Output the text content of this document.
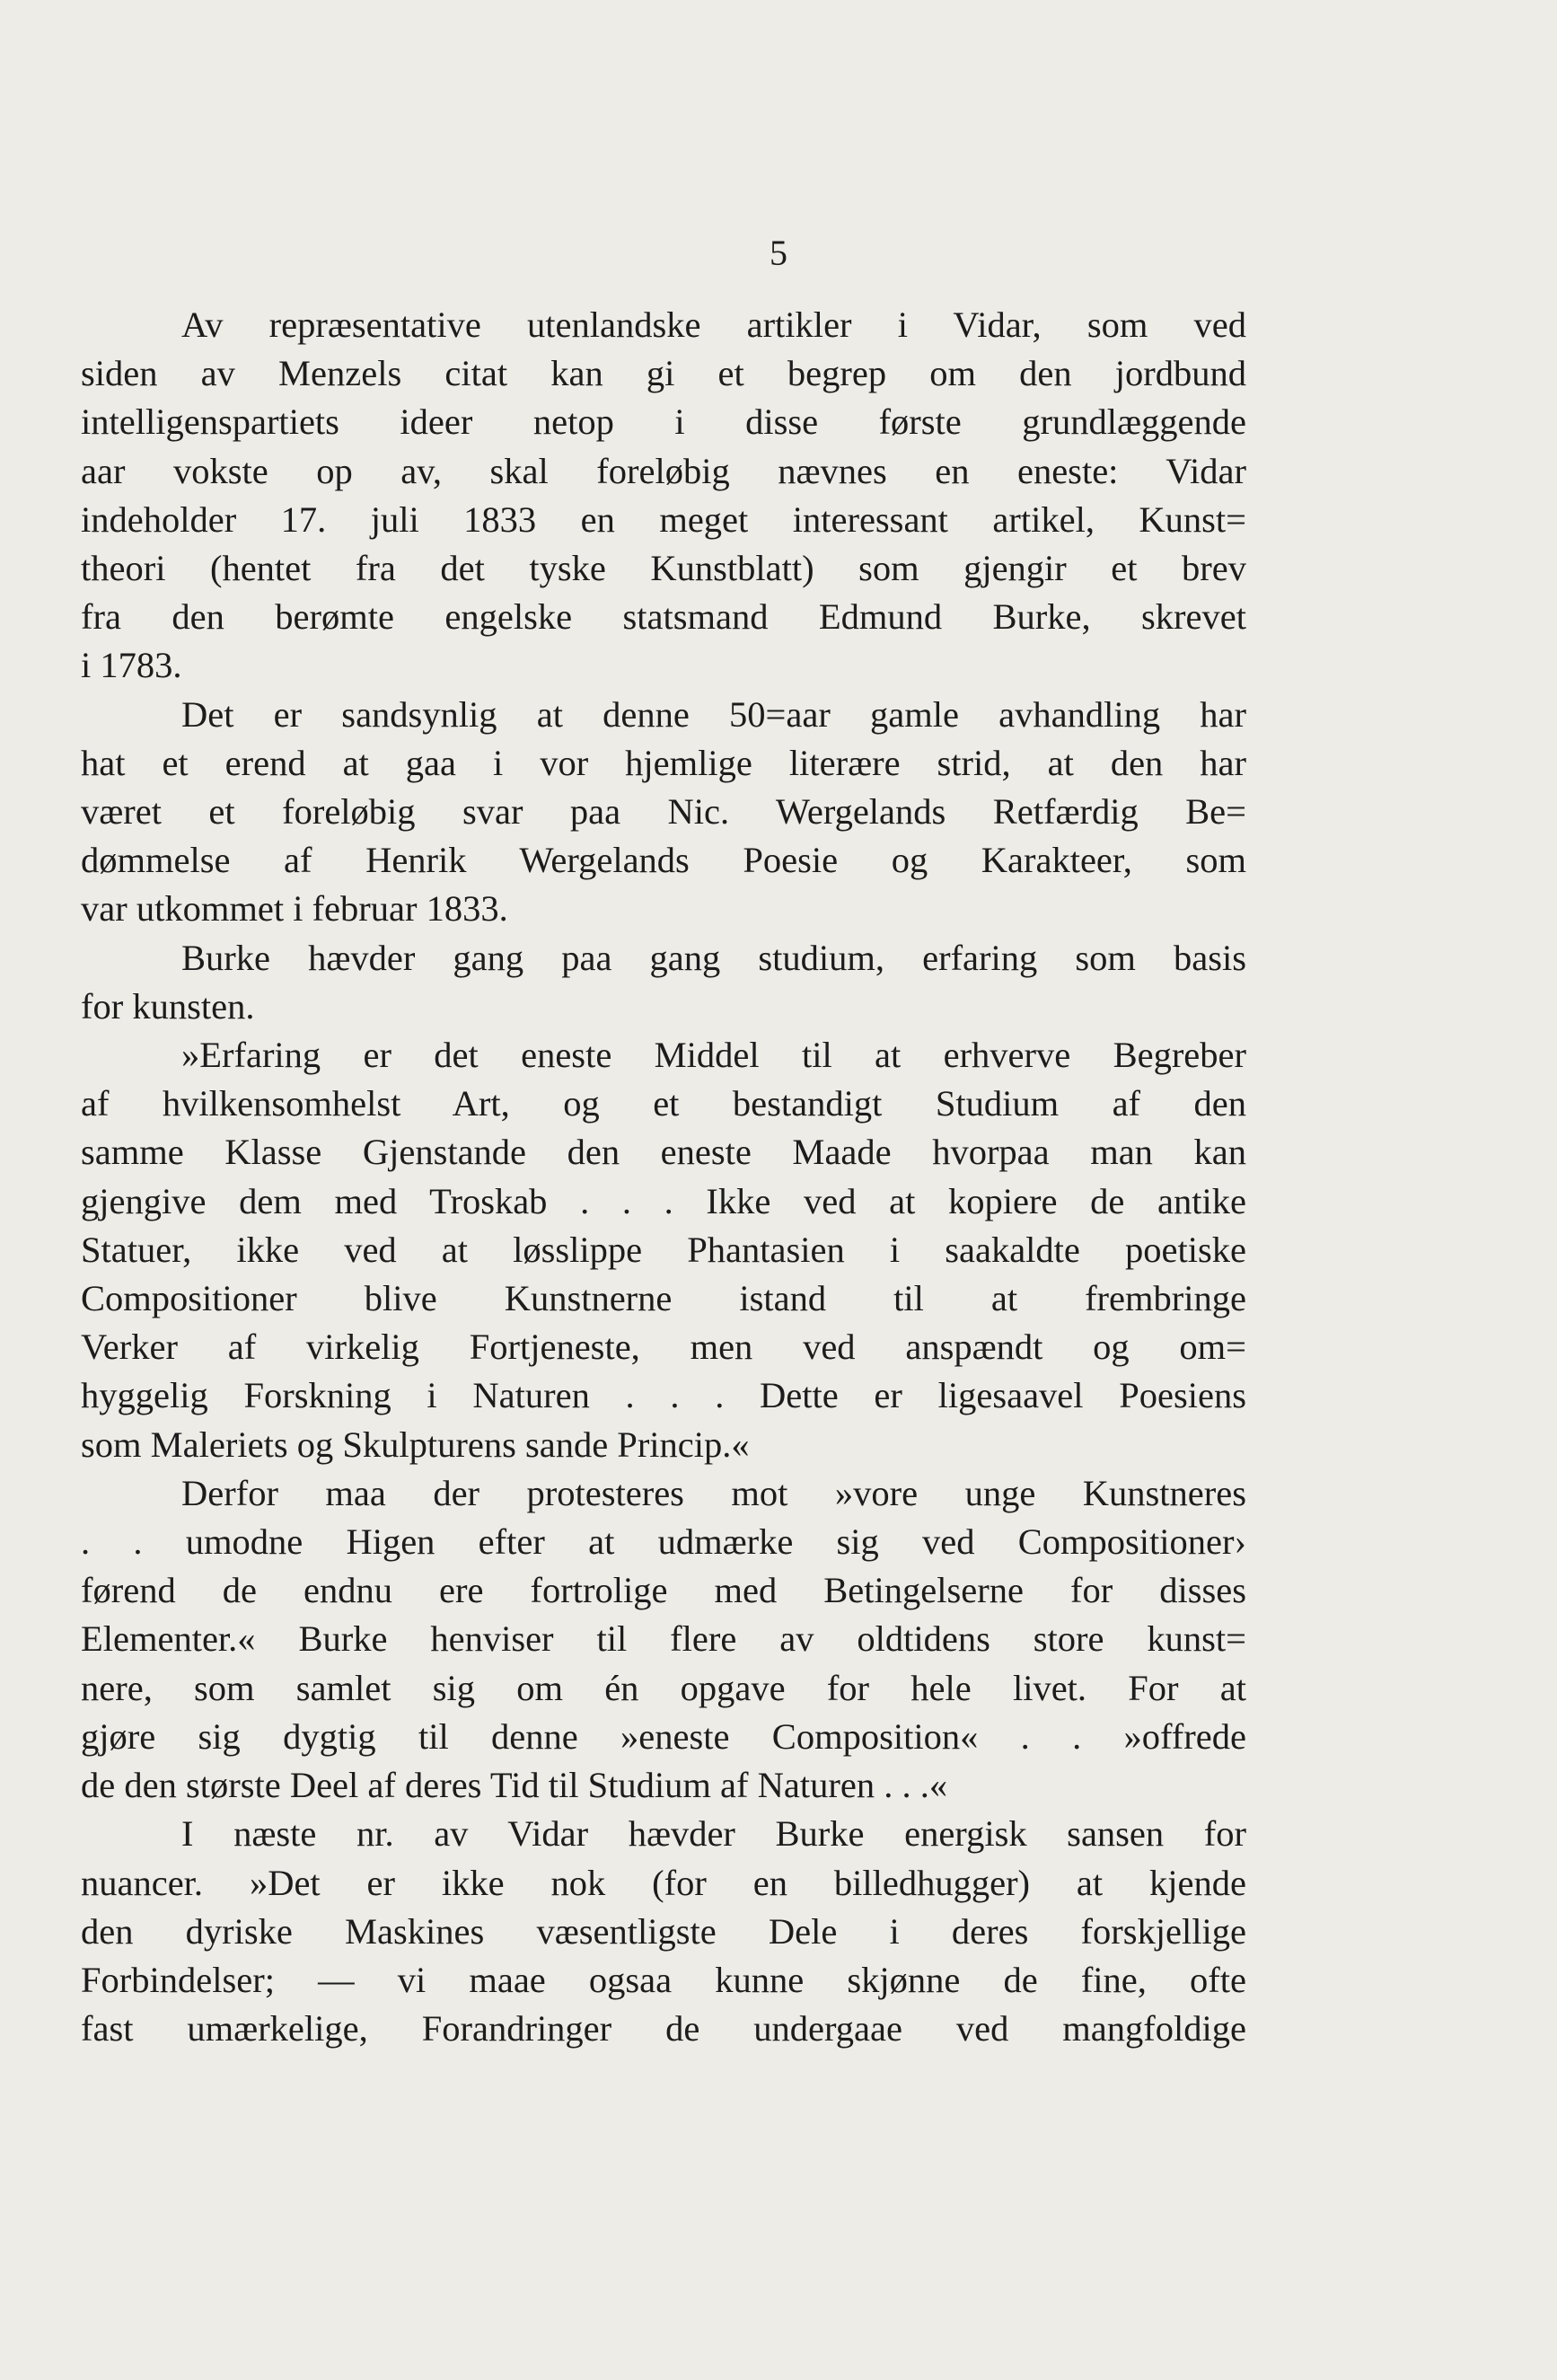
5

Av repræsentative utenlandske artikler i Vidar, som ved
siden av Menzels citat kan gi et begrep om den jordbund
intelligenspartiets ideer netop i disse første grundlæggende
aar vokste op av, skal foreløbig nævnes en eneste: Vidar
indeholder 17. juli 1833 en meget interessant artikel, Kunst=
theori (hentet fra det tyske Kunstblatt) som gjengir et brev
fra den berømte engelske statsmand Edmund Burke, skrevet
i 1783.

Det er sandsynlig at denne 50=aar gamle avhandling har
hat et erend at gaa i vor hjemlige literære strid, at den har
været et foreløbig svar paa Nic. Wergelands Retfærdig Be=
dømmelse af Henrik Wergelands Poesie og Karakteer, som
var utkommet i februar 1833.

Burke hævder gang paa gang studium, erfaring som basis
for kunsten.

»Erfaring er det eneste Middel til at erhverve Begreber
af hvilkensomhelst Art, og et bestandigt Studium af den
samme Klasse Gjenstande den eneste Maade hvorpaa man kan
gjengive dem med Troskab . . . Ikke ved at kopiere de antike
Statuer, ikke ved at løsslippe Phantasien i saakaldte poetiske
Compositioner blive Kunstnerne istand til at frembringe
Verker af virkelig Fortjeneste, men ved anspændt og om=
hyggelig Forskning i Naturen . . . Dette er ligesaavel Poesiens
som Maleriets og Skulpturens sande Princip.«

Derfor maa der protesteres mot »vore unge Kunstneres
. . umodne Higen efter at udmærke sig ved Compositioner›
førend de endnu ere fortrolige med Betingelserne for disses
Elementer.« Burke henviser til flere av oldtidens store kunst=
nere, som samlet sig om én opgave for hele livet. For at
gjøre sig dygtig til denne »eneste Composition« . . »offrede
de den største Deel af deres Tid til Studium af Naturen . . .«

I næste nr. av Vidar hævder Burke energisk sansen for
nuancer. »Det er ikke nok (for en billedhugger) at kjende
den dyriske Maskines væsentligste Dele i deres forskjellige
Forbindelser; — vi maae ogsaa kunne skjønne de fine, ofte
fast umærkelige, Forandringer de undergaae ved mangfoldige
